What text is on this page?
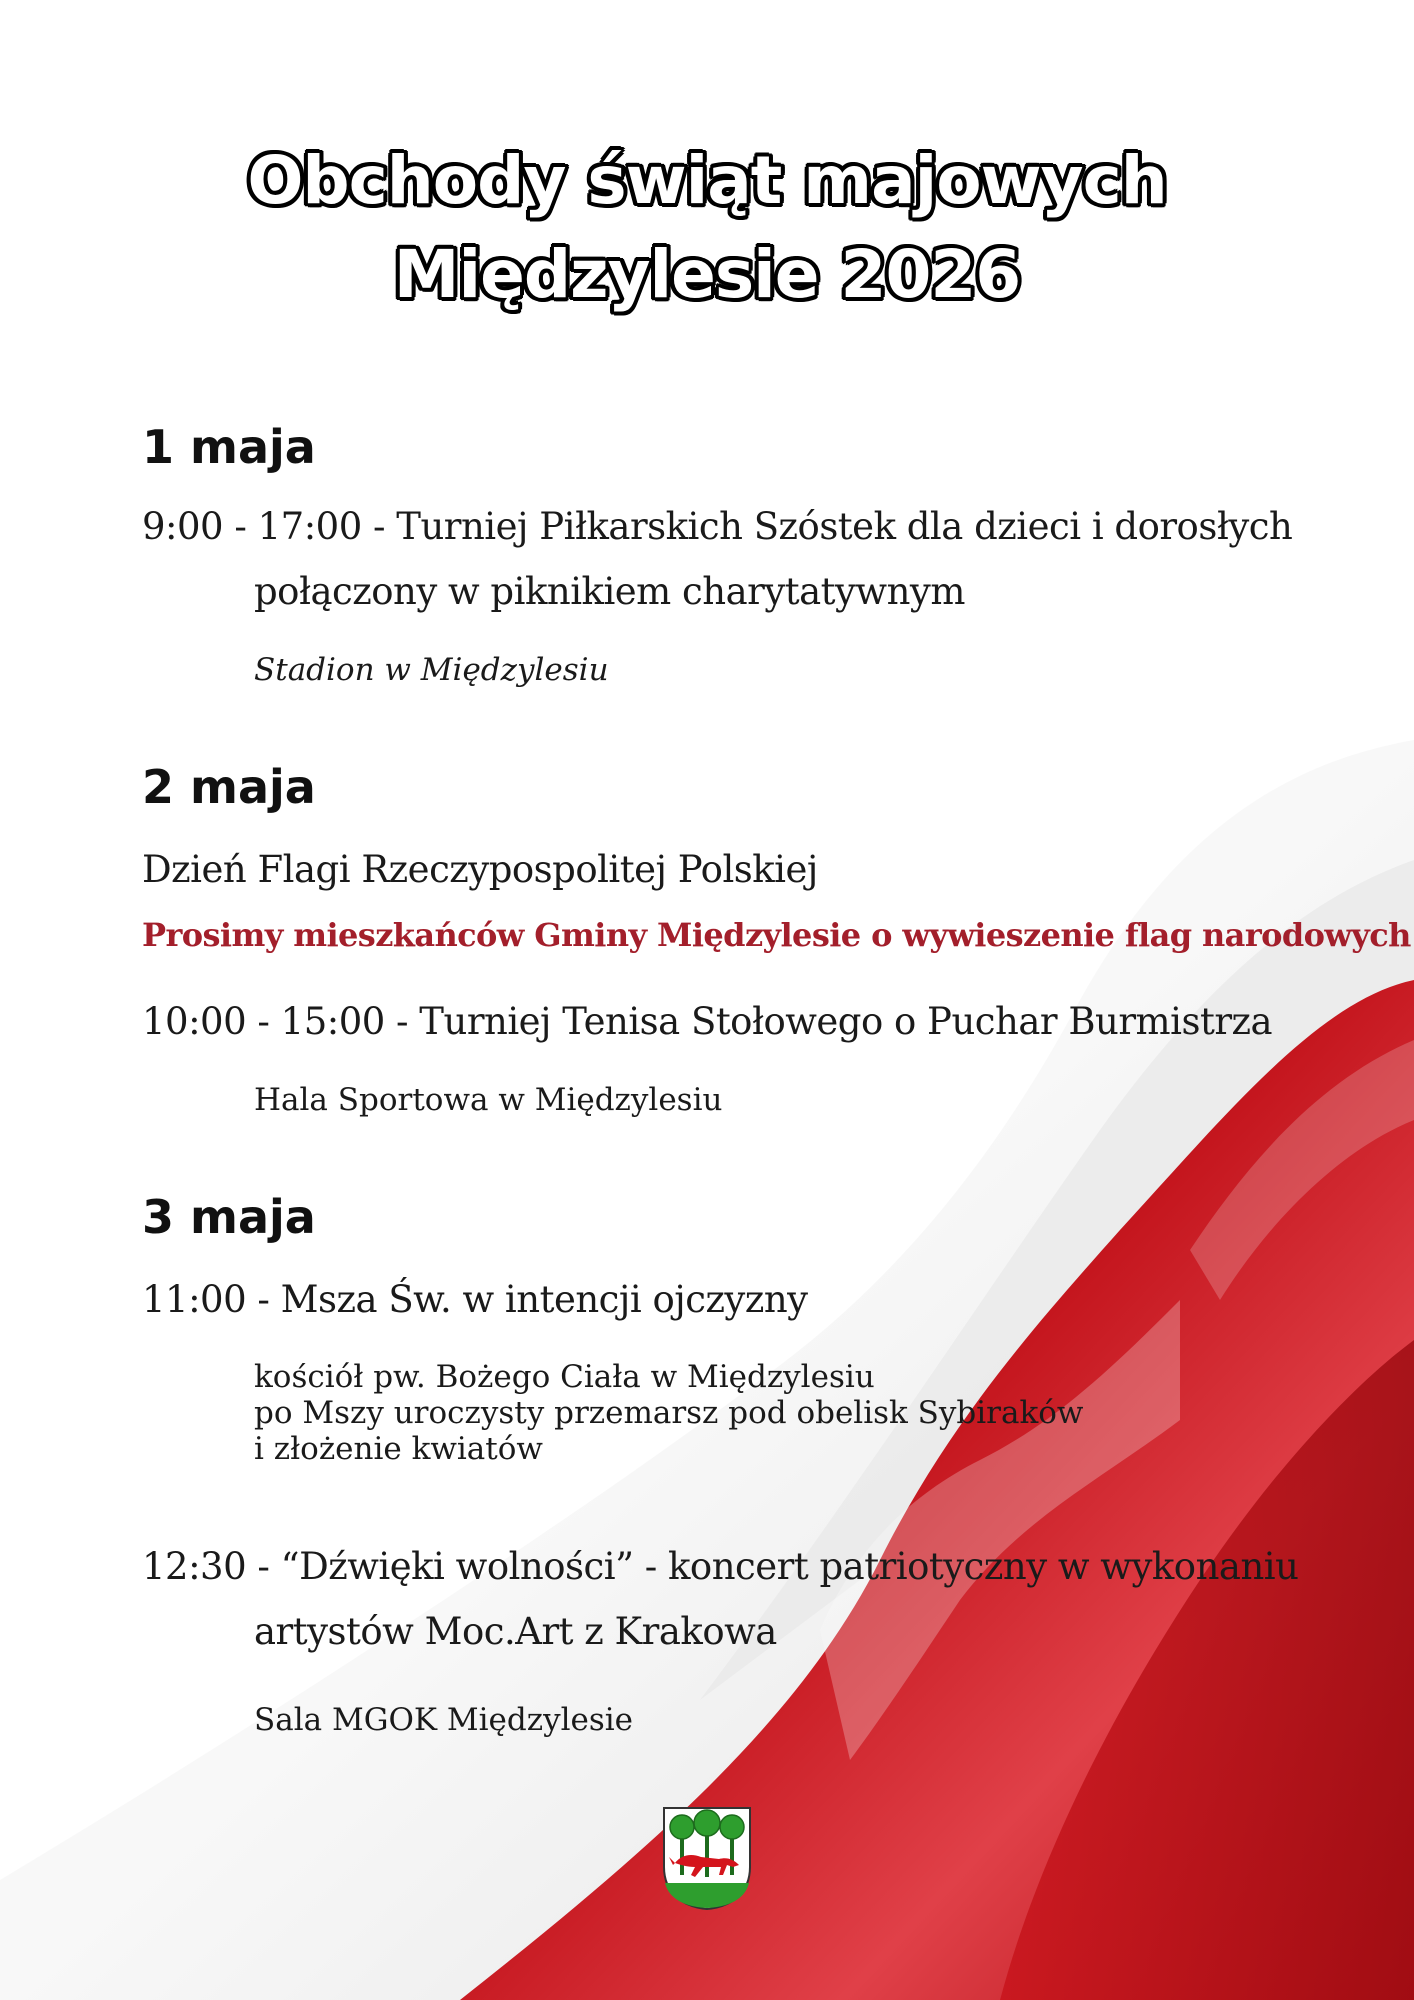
Obchody świąt majowych
Międzylesie 2026
1 maja
9:00 - 17:00 - Turniej Piłkarskich Szóstek dla dzieci i dorosłych
połączony w piknikiem charytatywnym
Stadion w Międzylesiu
2 maja
Dzień Flagi Rzeczypospolitej Polskiej
Prosimy mieszkańców Gminy Międzylesie o wywieszenie flag narodowych
10:00 - 15:00 - Turniej Tenisa Stołowego o Puchar Burmistrza
Hala Sportowa w Międzylesiu
3 maja
11:00 - Msza Św. w intencji ojczyzny
kościół pw. Bożego Ciała w Międzylesiu
po Mszy uroczysty przemarsz pod obelisk Sybiraków
i złożenie kwiatów
12:30 - “Dźwięki wolności” - koncert patriotyczny w wykonaniu
artystów Moc.Art z Krakowa
Sala MGOK Międzylesie
